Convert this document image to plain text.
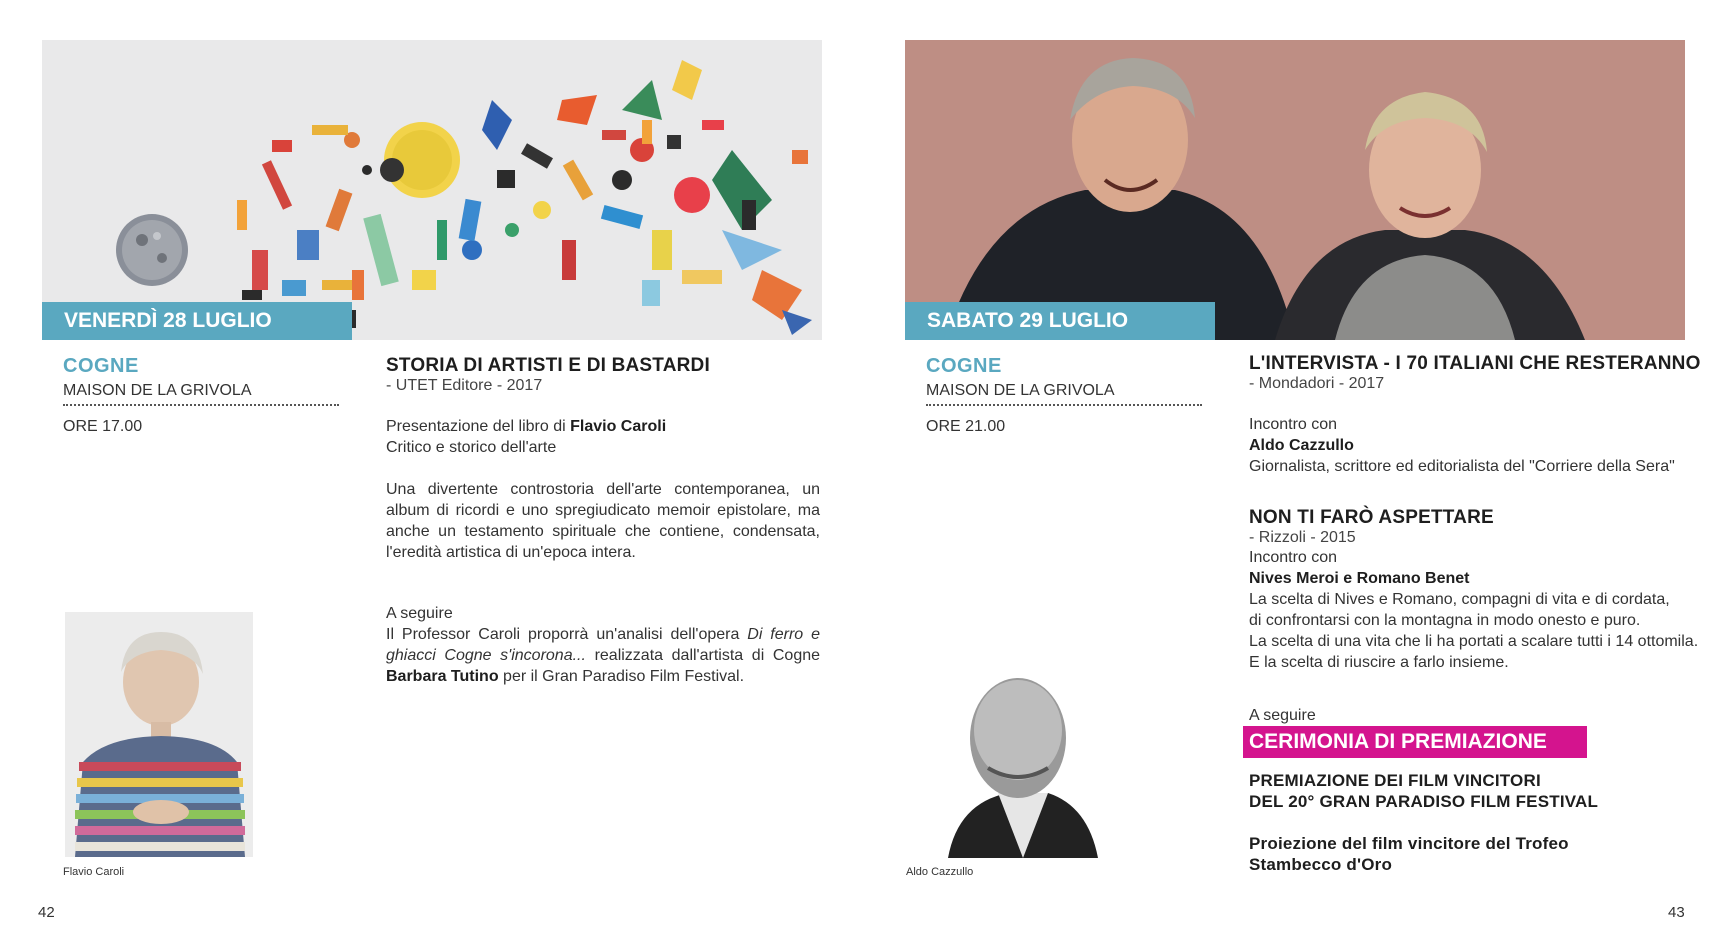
VENERDÌ 28 LUGLIO
COGNE
MAISON DE LA GRIVOLA
ORE 17.00
STORIA DI ARTISTI E DI BASTARDI
- UTET Editore - 2017
Presentazione del libro di Flavio Caroli
Critico e storico dell'arte
Una divertente controstoria dell'arte contemporanea, un album di ricordi e uno spregiudicato memoir epistolare, ma anche un testamento spirituale che contiene, condensata, l'eredità artistica di un'epoca intera.
A seguire
Il Professor Caroli proporrà un'analisi dell'opera Di ferro e ghiacci Cogne s'incorona... realizzata dall'artista di Cogne Barbara Tutino per il Gran Paradiso Film Festival.
Flavio Caroli
42
SABATO 29 LUGLIO
COGNE
MAISON DE LA GRIVOLA
ORE 21.00
L'INTERVISTA - I 70 ITALIANI CHE RESTERANNO
- Mondadori - 2017
Incontro con
Aldo Cazzullo
Giornalista, scrittore ed editorialista del "Corriere della Sera"
NON TI FARÒ ASPETTARE
- Rizzoli - 2015
Incontro con
Nives Meroi e Romano Benet
La scelta di Nives e Romano, compagni di vita e di cordata,
di confrontarsi con la montagna in modo onesto e puro.
La scelta di una vita che li ha portati a scalare tutti i 14 ottomila.
E la scelta di riuscire a farlo insieme.
A seguire
CERIMONIA DI PREMIAZIONE
PREMIAZIONE DEI FILM VINCITORI
DEL 20° GRAN PARADISO FILM FESTIVAL
Proiezione del film vincitore del Trofeo
Stambecco d'Oro
Aldo Cazzullo
43
